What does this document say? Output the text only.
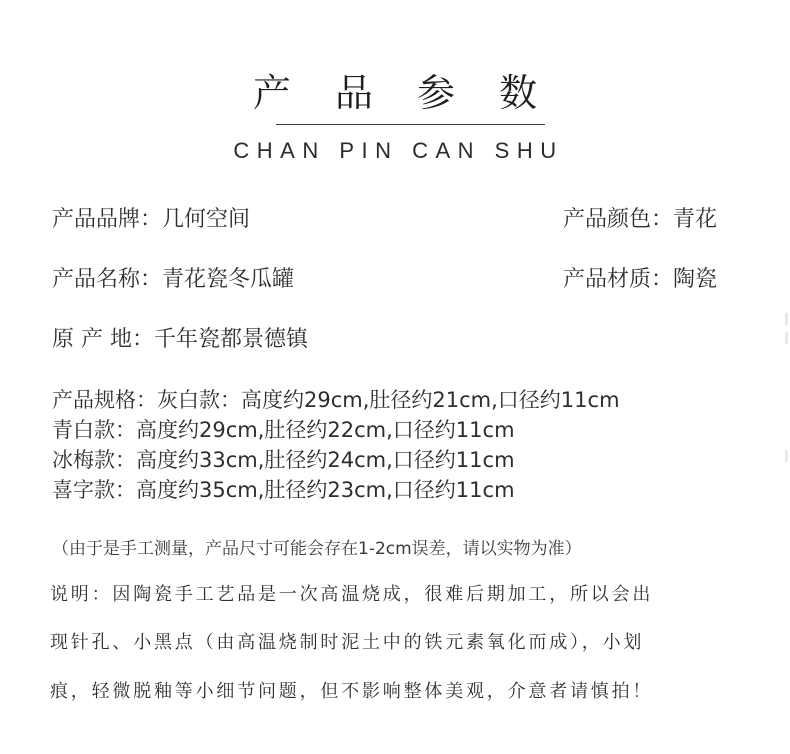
产 品 参 数
CHAN PIN CAN SHU
产品品牌：几何空间	产品颜色：青花
产品名称：青花瓷冬瓜罐	产品材质：陶瓷
原 产 地：千年瓷都景德镇
产品规格：灰白款：高度约29cm,肚径约21cm,口径约11cm
青白款：高度约29cm,肚径约22cm,口径约11cm
冰梅款：高度约33cm,肚径约24cm,口径约11cm
喜字款：高度约35cm,肚径约23cm,口径约11cm
（由于是手工测量，产品尺寸可能会存在1-2cm误差，请以实物为准）
说明：因陶瓷手工艺品是一次高温烧成，很难后期加工，所以会出
现针孔、小黑点（由高温烧制时泥土中的铁元素氧化而成），小划
痕，轻微脱釉等小细节问题，但不影响整体美观，介意者请慎拍！
